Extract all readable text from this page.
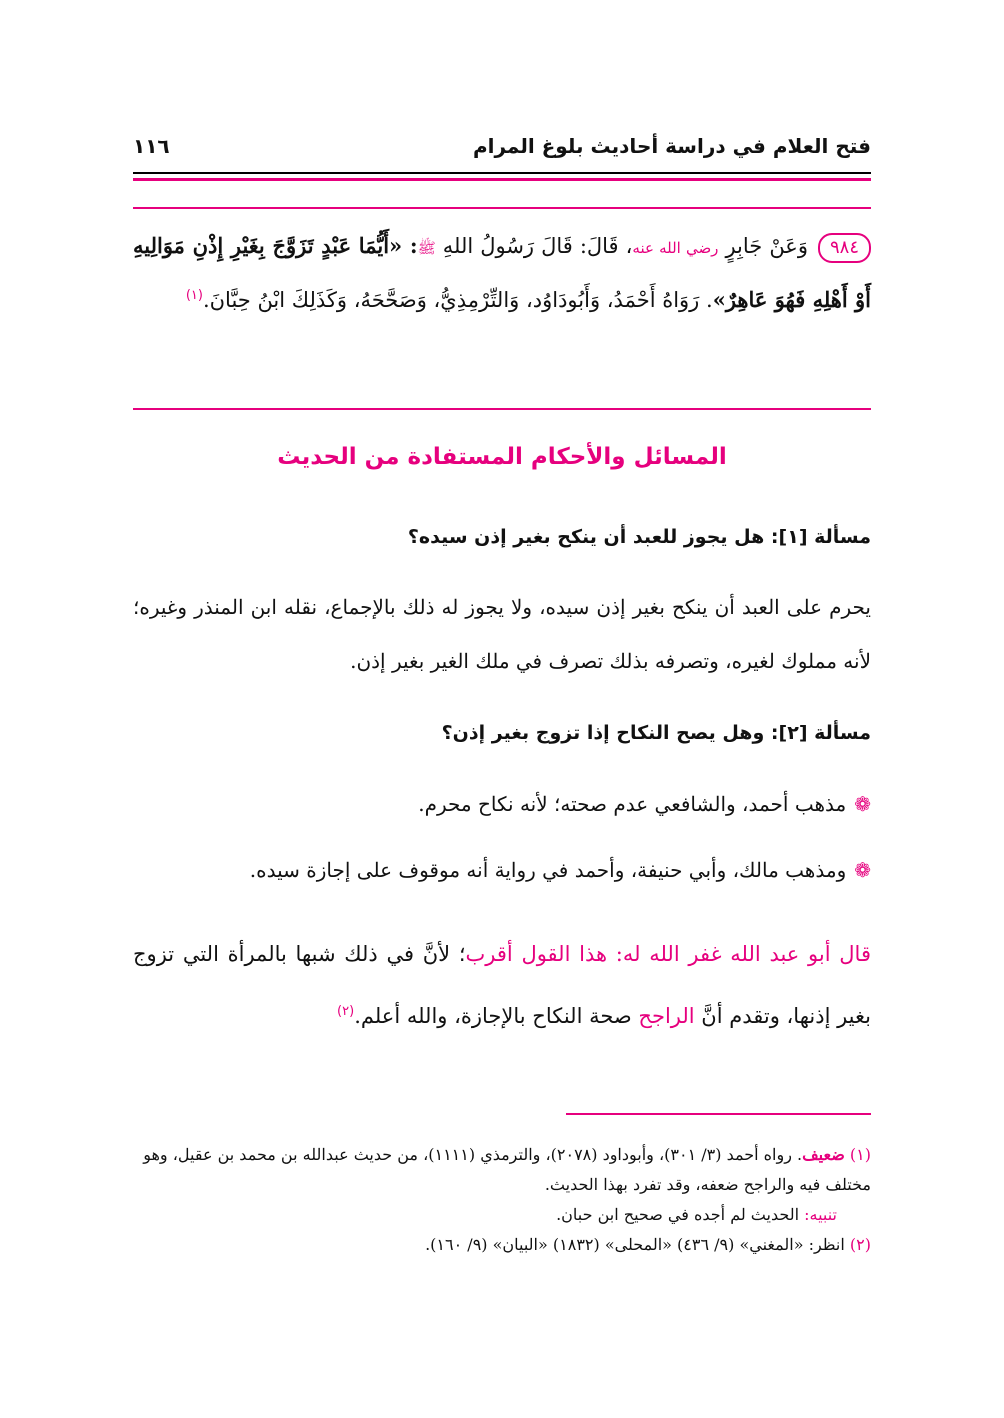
فتح العلام في دراسة أحاديث بلوغ المرام
١١٦
٩٨٤وَعَنْ جَابِرٍ رضي الله عنه، قَالَ: قَالَ رَسُولُ اللهِ ﷺ: «أَيُّمَا عَبْدٍ تَزَوَّجَ بِغَيْرِ إِذْنِ مَوَالِيهِ أَوْ أَهْلِهِ فَهُوَ عَاهِرٌ». رَوَاهُ أَحْمَدُ، وَأَبُودَاوُد، وَالتِّرْمِذِيُّ، وَصَحَّحَهُ، وَكَذَلِكَ ابْنُ حِبَّانَ.$^{(١)}$
المسائل والأحكام المستفادة من الحديث
مسألة [١]: هل يجوز للعبد أن ينكح بغير إذن سيده؟
يحرم على العبد أن ينكح بغير إذن سيده، ولا يجوز له ذلك بالإجماع، نقله ابن المنذر وغيره؛ لأنه مملوك لغيره، وتصرفه بذلك تصرف في ملك الغير بغير إذن.
مسألة [٢]: وهل يصح النكاح إذا تزوج بغير إذن؟
❁مذهب أحمد، والشافعي عدم صحته؛ لأنه نكاح محرم.
❁ومذهب مالك، وأبي حنيفة، وأحمد في رواية أنه موقوف على إجازة سيده.
قال أبو عبد الله غفر الله له: هذا القول أقرب؛ لأنَّ في ذلك شبها بالمرأة التي تزوج بغير إذنها، وتقدم أنَّ الراجح صحة النكاح بالإجازة، والله أعلم.$^{(٢)}$

(١) ضعيف. رواه أحمد (٣/ ٣٠١)، وأبوداود (٢٠٧٨)، والترمذي (١١١١)، من حديث عبدالله بن محمد بن عقيل، وهو مختلف فيه والراجح ضعفه، وقد تفرد بهذا الحديث.

تنبيه: الحديث لم أجده في صحيح ابن حبان.

(٢) انظر: «المغني» (٩/ ٤٣٦) «المحلى» (١٨٣٢) «البيان» (٩/ ١٦٠).
